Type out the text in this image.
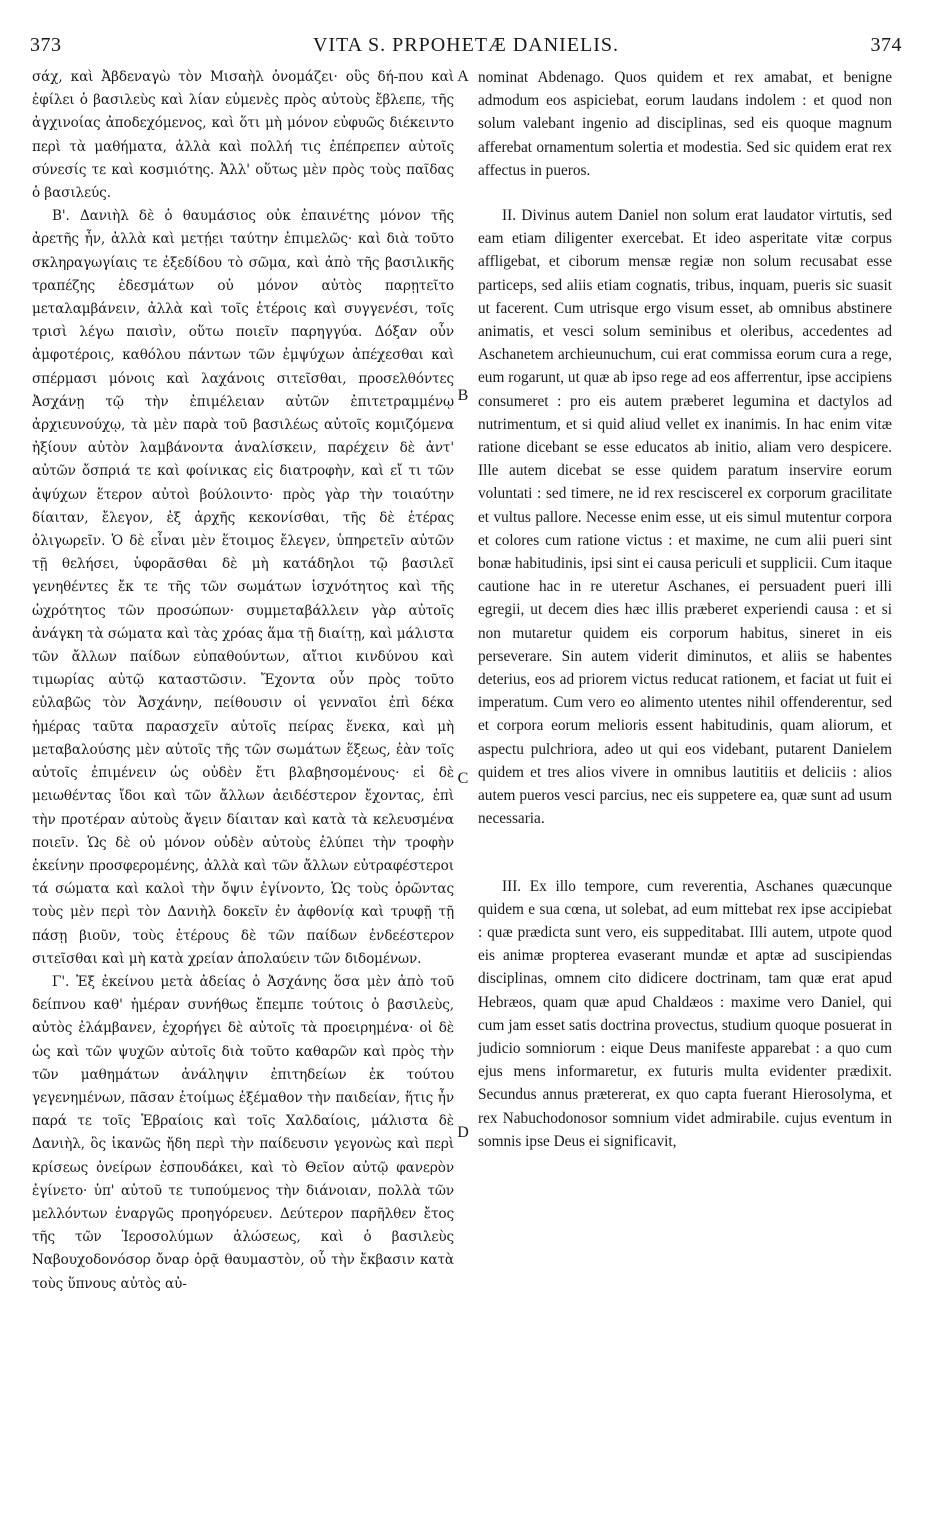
373	VITA S. PRPOHETÆ DANIELIS.	374

σάχ, καὶ Ἀβδεναγὼ τὸν Μισαὴλ ὀνομάζει· οὓς δή-που καὶ ἐφίλει ὁ βασιλεὺς καὶ λίαν εὐμενὲς πρὸς αὐτοὺς ἔβλεπε, τῆς ἀγχινοίας ἀποδεχόμενος, καὶ ὅτι μὴ μόνον εὐφυῶς διέκειντο περὶ τὰ μαθήματα, ἀλλὰ καὶ πολλή τις ἐπέπρεπεν αὐτοῖς σύνεσίς τε καὶ κοσμιότης. Ἀλλ' οὕτως μὲν πρὸς τοὺς παῖδας ὁ βασιλεύς.

Β'. Δανιὴλ δὲ ὁ θαυμάσιος οὐκ ἐπαινέτης μόνον τῆς ἀρετῆς ἦν, ἀλλὰ καὶ μετῄει ταύτην ἐπιμελῶς· καὶ διὰ τοῦτο σκληραγωγίαις τε ἐξεδίδου τὸ σῶμα, καὶ ἀπὸ τῆς βασιλικῆς τραπέζης ἐδεσμάτων οὐ μόνον αὐτὸς παρῃτεῖτο μεταλαμβάνειν, ἀλλὰ καὶ τοῖς ἑτέροις καὶ συγγενέσι, τοῖς τρισὶ λέγω παισὶν, οὕτω ποιεῖν παρηγγύα. Δόξαν οὖν ἀμφοτέροις, καθόλου πάντων τῶν ἐμψύχων ἀπέχεσθαι καὶ σπέρμασι μόνοις καὶ λαχάνοις σιτεῖσθαι, προσελθόντες Ἀσχάνῃ τῷ τὴν ἐπιμέλειαν αὐτῶν ἐπιτετραμμένῳ ἀρχιευνούχῳ, τὰ μὲν παρὰ τοῦ βασιλέως αὐτοῖς κομιζόμενα ἠξίουν αὐτὸν λαμβάνοντα ἀναλίσκειν, παρέχειν δὲ ἀντ' αὐτῶν ὄσπριά τε καὶ φοίνικας εἰς διατροφὴν, καὶ εἴ τι τῶν ἀψύχων ἕτερον αὐτοὶ βούλοιντο· πρὸς γὰρ τὴν τοιαύτην δίαιταν, ἔλεγον, ἐξ ἀρχῆς κεκονίσθαι, τῆς δὲ ἑτέρας ὀλιγωρεῖν. Ὁ δὲ εἶναι μὲν ἕτοιμος ἔλεγεν, ὑπηρετεῖν αὐτῶν τῇ θελήσει, ὑφορᾶσθαι δὲ μὴ κατάδηλοι τῷ βασιλεῖ γενηθέντες ἔκ τε τῆς τῶν σωμάτων ἰσχνότητος καὶ τῆς ὠχρότητος τῶν προσώπων· συμμεταβάλλειν γὰρ αὐτοῖς ἀνάγκη τὰ σώματα καὶ τὰς χρόας ἅμα τῇ διαίτῃ, καὶ μάλιστα τῶν ἄλλων παίδων εὐπαθούντων, αἴτιοι κινδύνου καὶ τιμωρίας αὐτῷ καταστῶσιν. Ἔχοντα οὖν πρὸς τοῦτο εὐλαβῶς τὸν Ἀσχάνην, πείθουσιν οἱ γενναῖοι ἐπὶ δέκα ἡμέρας ταῦτα παρασχεῖν αὐτοῖς πείρας ἕνεκα, καὶ μὴ μεταβαλούσης μὲν αὐτοῖς τῆς τῶν σωμάτων ἕξεως, ἐὰν τοῖς αὐτοῖς ἐπιμένειν ὡς οὐδὲν ἔτι βλαβησομένους· εἰ δὲ μειωθέντας ἴδοι καὶ τῶν ἄλλων ἀειδέστερον ἔχοντας, ἐπὶ τὴν προτέραν αὐτοὺς ἄγειν δίαιταν καὶ κατὰ τὰ κελευσμένα ποιεῖν. Ὡς δὲ οὐ μόνον οὐδὲν αὐτοὺς ἐλύπει τὴν τροφὴν ἐκείνην προσφερομένης, ἀλλὰ καὶ τῶν ἄλλων εὐτραφέστεροι τά σώματα καὶ καλοὶ τὴν ὄψιν ἐγίνοντο, Ὡς τοὺς ὁρῶντας τοὺς μὲν περὶ τὸν Δανιὴλ δοκεῖν ἐν ἀφθονίᾳ καὶ τρυφῇ τῇ πάσῃ βιοῦν, τοὺς ἑτέρους δὲ τῶν παίδων ἐνδεέστερον σιτεῖσθαι καὶ μὴ κατὰ χρείαν ἀπολαύειν τῶν διδομένων.

Γ'. Ἐξ ἐκείνου μετὰ ἀδείας ὁ Ἀσχάνης ὅσα μὲν ἀπὸ τοῦ δείπνου καθ' ἡμέραν συνήθως ἔπεμπε τούτοις ὁ βασιλεὺς, αὐτὸς ἐλάμβανεν, ἐχορήγει δὲ αὐτοῖς τὰ προειρημένα· οἱ δὲ ὡς καὶ τῶν ψυχῶν αὐτοῖς διὰ τοῦτο καθαρῶν καὶ πρὸς τὴν τῶν μαθημάτων ἀνάληψιν ἐπιτηδείων ἐκ τούτου γεγενημένων, πᾶσαν ἑτοίμως ἐξέμαθον τὴν παιδείαν, ἥτις ἦν παρά τε τοῖς Ἑβραίοις καὶ τοῖς Χαλδαίοις, μάλιστα δὲ Δανιὴλ, ὃς ἱκανῶς ἤδη περὶ τὴν παίδευσιν γεγονὼς καὶ περὶ κρίσεως ὀνείρων ἐσπουδάκει, καὶ τὸ Θεῖον αὐτῷ φανερὸν ἐγίνετο· ὑπ' αὐτοῦ τε τυπούμενος τὴν διάνοιαν, πολλὰ τῶν μελλόντων ἐναργῶς προηγόρευεν. Δεύτερον παρῆλθεν ἔτος τῆς τῶν Ἱεροσολύμων ἁλώσεως, καὶ ὁ βασιλεὺς Ναβουχοδονόσορ ὄναρ ὁρᾷ θαυμαστὸν, οὗ τὴν ἔκβασιν κατὰ τοὺς ὕπνους αὐτὸς αὐ-

A
B
C
D

nominat Abdenago. Quos quidem et rex amabat, et benigne admodum eos aspiciebat, eorum laudans indolem : et quod non solum valebant ingenio ad disciplinas, sed eis quoque magnum afferebat ornamentum solertia et modestia. Sed sic quidem erat rex affectus in pueros.

II. Divinus autem Daniel non solum erat laudator virtutis, sed eam etiam diligenter exercebat. Et ideo asperitate vitæ corpus affligebat, et ciborum mensæ regiæ non solum recusabat esse particeps, sed aliis etiam cognatis, tribus, inquam, pueris sic suasit ut facerent. Cum utrisque ergo visum esset, ab omnibus abstinere animatis, et vesci solum seminibus et oleribus, accedentes ad Aschanetem archieunuchum, cui erat commissa eorum cura a rege, eum rogarunt, ut quæ ab ipso rege ad eos afferrentur, ipse accipiens consumeret : pro eis autem præberet legumina et dactylos ad nutrimentum, et si quid aliud vellet ex inanimis. In hac enim vitæ ratione dicebant se esse educatos ab initio, aliam vero despicere. Ille autem dicebat se esse quidem paratum inservire eorum voluntati : sed timere, ne id rex resciscerel ex corporum gracilitate et vultus pallore. Necesse enim esse, ut eis simul mutentur corpora et colores cum ratione victus : et maxime, ne cum alii pueri sint bonæ habitudinis, ipsi sint ei causa periculi et supplicii. Cum itaque cautione hac in re uteretur Aschanes, ei persuadent pueri illi egregii, ut decem dies hæc illis præberet experiendi causa : et si non mutaretur quidem eis corporum habitus, sineret in eis perseverare. Sin autem viderit diminutos, et aliis se habentes deterius, eos ad priorem victus reducat rationem, et faciat ut fuit ei imperatum. Cum vero eo alimento utentes nihil offenderentur, sed et corpora eorum melioris essent habitudinis, quam aliorum, et aspectu pulchriora, adeo ut qui eos videbant, putarent Danielem quidem et tres alios vivere in omnibus lautitiis et deliciis : alios autem pueros vesci parcius, nec eis suppetere ea, quæ sunt ad usum necessaria.

III. Ex illo tempore, cum reverentia, Aschanes quæcunque quidem e sua cœna, ut solebat, ad eum mittebat rex ipse accipiebat : quæ prædicta sunt vero, eis suppeditabat. Illi autem, utpote quod eis animæ propterea evaserant mundæ et aptæ ad suscipiendas disciplinas, omnem cito didicere doctrinam, tam quæ erat apud Hebræos, quam quæ apud Chaldæos : maxime vero Daniel, qui cum jam esset satis doctrina provectus, studium quoque posuerat in judicio somniorum : eique Deus manifeste apparebat : a quo cum ejus mens informaretur, ex futuris multa evidenter prædixit. Secundus annus prætererat, ex quo capta fuerant Hierosolyma, et rex Nabuchodonosor somnium videt admirabile. cujus eventum in somnis ipse Deus ei significavit,
